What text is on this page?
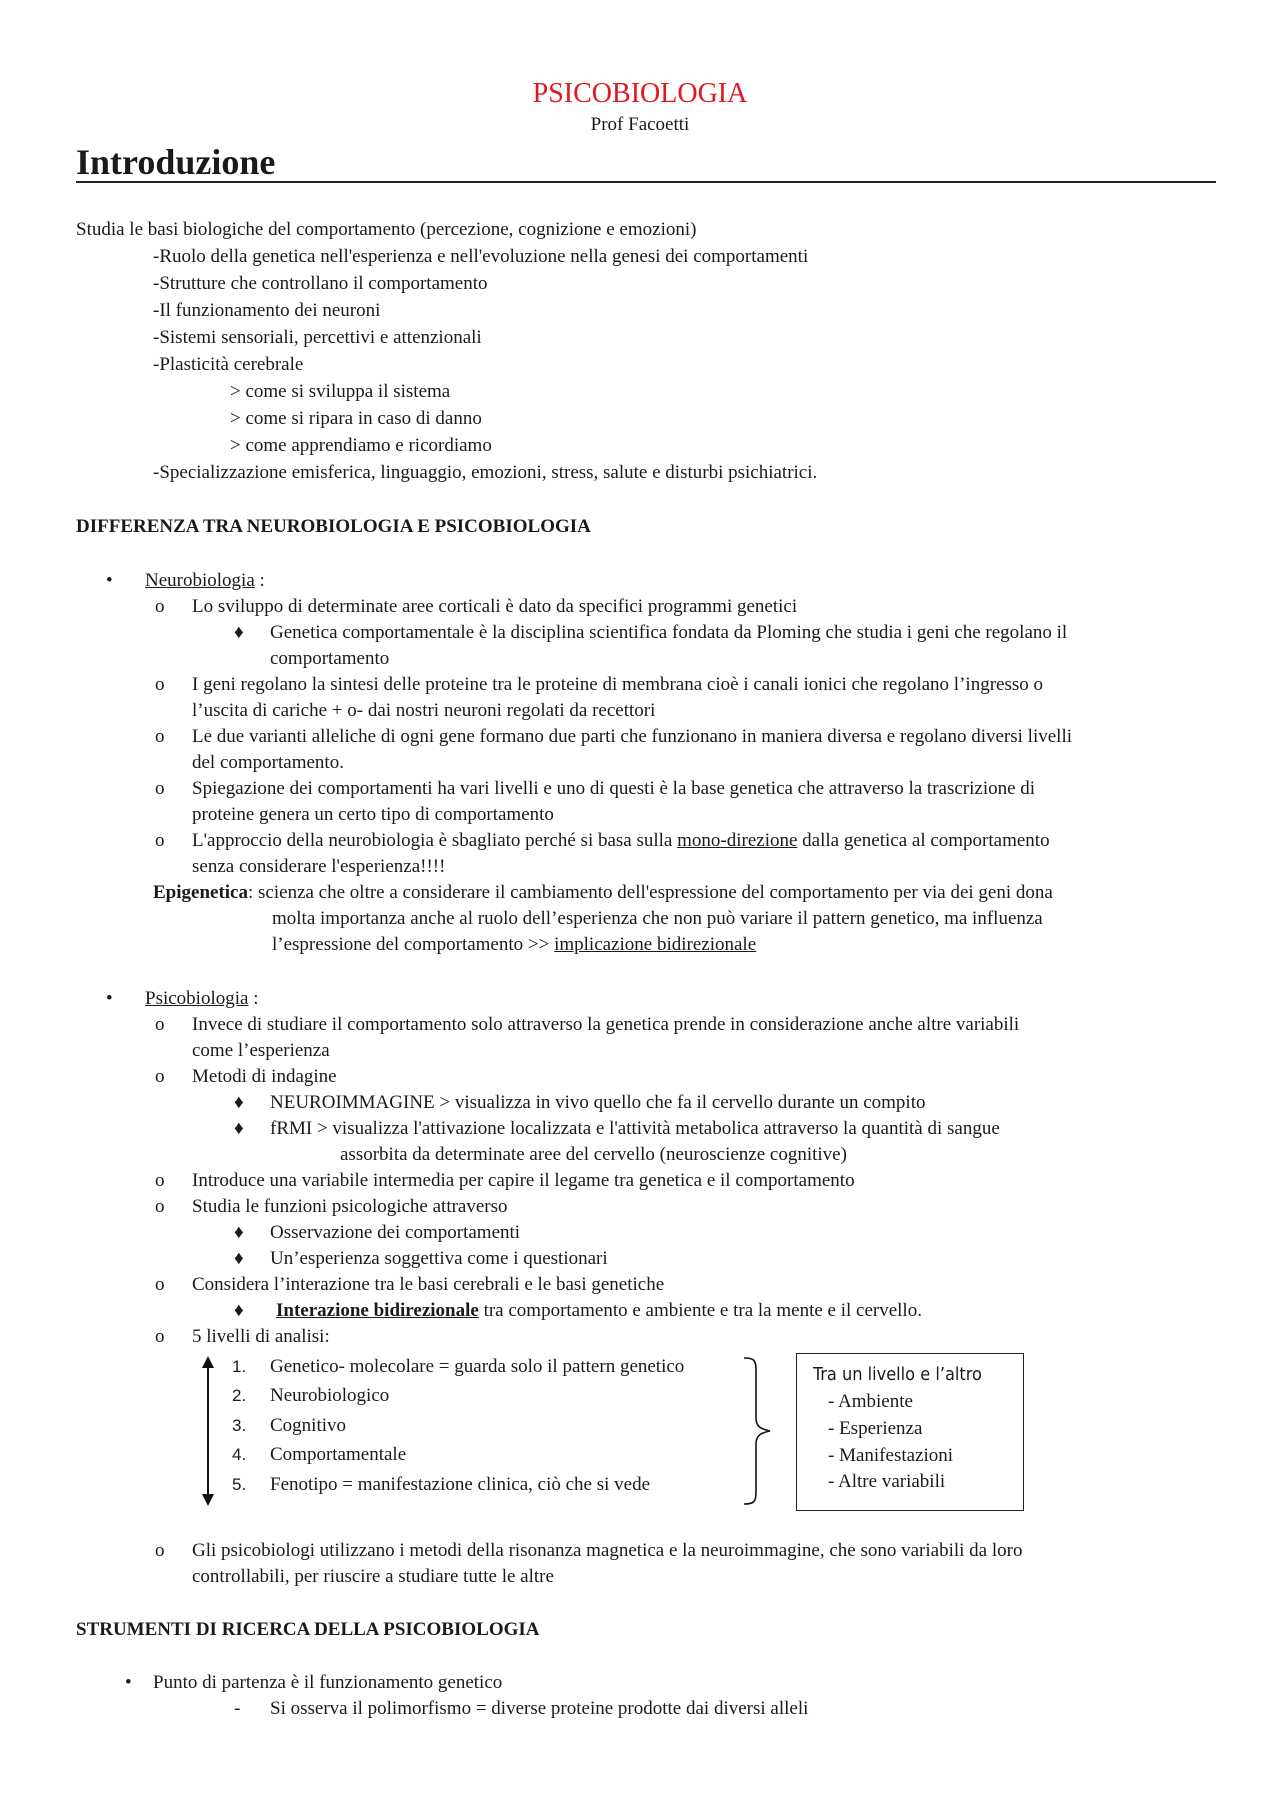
PSICOBIOLOGIA
Prof Facoetti
Introduzione
Studia le basi biologiche del comportamento (percezione, cognizione e emozioni)
-Ruolo della genetica nell'esperienza e nell'evoluzione nella genesi dei comportamenti
-Strutture che controllano il comportamento
-Il funzionamento dei neuroni
-Sistemi sensoriali, percettivi e attenzionali
-Plasticità cerebrale
> come si sviluppa il sistema
> come si ripara in caso di danno
> come apprendiamo e ricordiamo
-Specializzazione emisferica, linguaggio, emozioni, stress, salute e disturbi psichiatrici.
DIFFERENZA TRA NEUROBIOLOGIA E PSICOBIOLOGIA
• Neurobiologia :
o Lo sviluppo di determinate aree corticali è dato da specifici programmi genetici
♦ Genetica comportamentale è la disciplina scientifica fondata da Ploming che studia i geni che regolano il
comportamento
o I geni regolano la sintesi delle proteine tra le proteine di membrana cioè i canali ionici che regolano l’ingresso o
l’uscita di cariche + o- dai nostri neuroni regolati da recettori
o Le due varianti alleliche di ogni gene formano due parti che funzionano in maniera diversa e regolano diversi livelli
del comportamento.
o Spiegazione dei comportamenti ha vari livelli e uno di questi è la base genetica che attraverso la trascrizione di
proteine genera un certo tipo di comportamento
o L'approccio della neurobiologia è sbagliato perché si basa sulla mono-direzione dalla genetica al comportamento
senza considerare l'esperienza!!!!
Epigenetica: scienza che oltre a considerare il cambiamento dell'espressione del comportamento per via dei geni dona
molta importanza anche al ruolo dell’esperienza che non può variare il pattern genetico, ma influenza
l’espressione del comportamento >> implicazione bidirezionale
• Psicobiologia :
o Invece di studiare il comportamento solo attraverso la genetica prende in considerazione anche altre variabili
come l’esperienza
o Metodi di indagine
♦ NEUROIMMAGINE > visualizza in vivo quello che fa il cervello durante un compito
♦ fRMI > visualizza l'attivazione localizzata e l'attività metabolica attraverso la quantità di sangue
assorbita da determinate aree del cervello (neuroscienze cognitive)
o Introduce una variabile intermedia per capire il legame tra genetica e il comportamento
o Studia le funzioni psicologiche attraverso
♦ Osservazione dei comportamenti
♦ Un’esperienza soggettiva come i questionari
o Considera l’interazione tra le basi cerebrali e le basi genetiche
♦ Interazione bidirezionale tra comportamento e ambiente e tra la mente e il cervello.
o 5 livelli di analisi:
1. Genetico- molecolare = guarda solo il pattern genetico
2. Neurobiologico
3. Cognitivo
4. Comportamentale
5. Fenotipo = manifestazione clinica, ciò che si vede
Tra un livello e l’altro
- Ambiente
- Esperienza
- Manifestazioni
- Altre variabili
o Gli psicobiologi utilizzano i metodi della risonanza magnetica e la neuroimmagine, che sono variabili da loro
controllabili, per riuscire a studiare tutte le altre
STRUMENTI DI RICERCA DELLA PSICOBIOLOGIA
• Punto di partenza è il funzionamento genetico
- Si osserva il polimorfismo = diverse proteine prodotte dai diversi alleli
